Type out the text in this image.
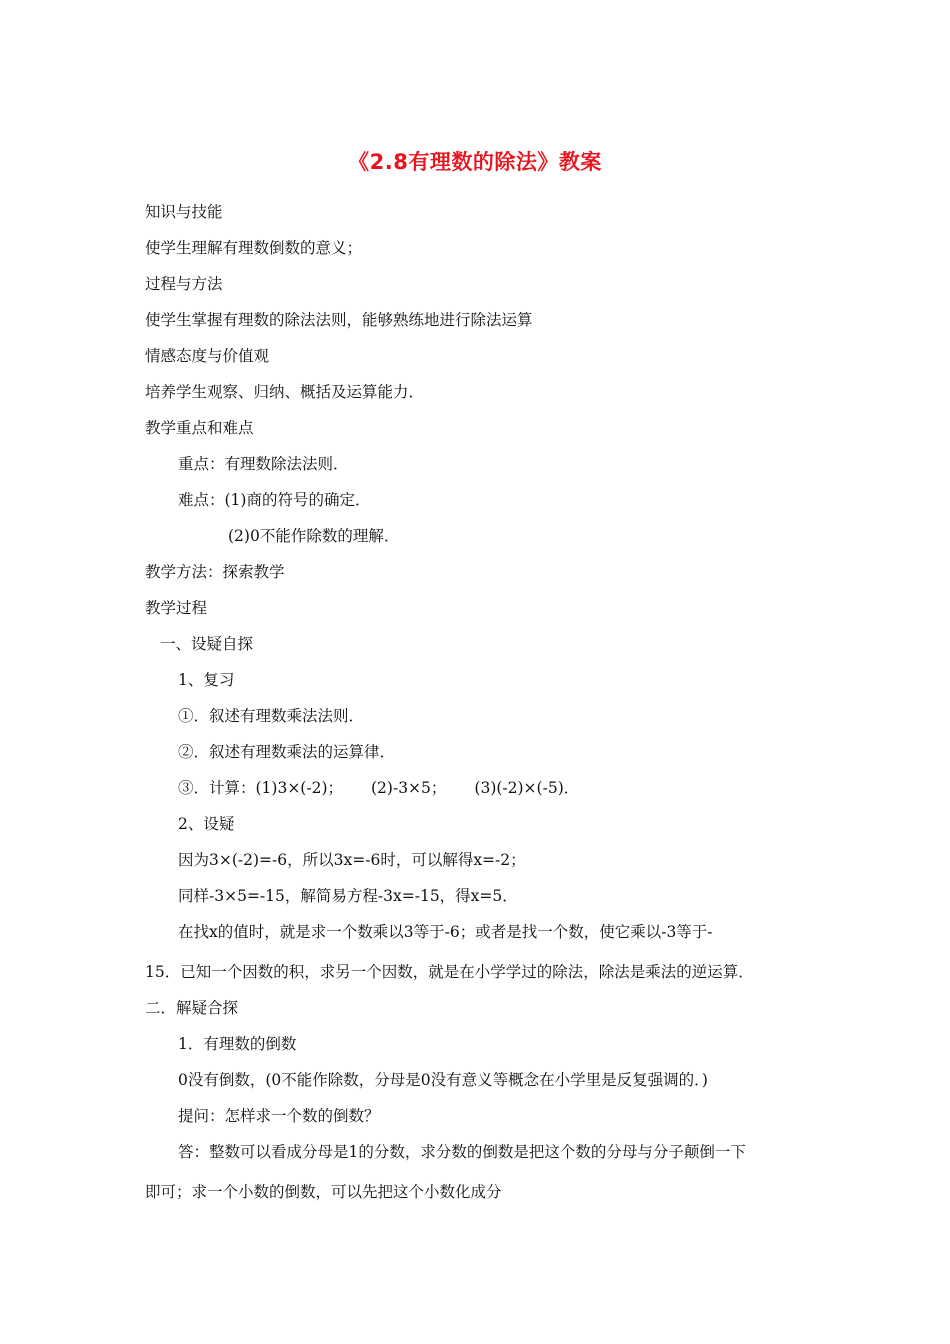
《2.8有理数的除法》教案
知识与技能
使学生理解有理数倒数的意义；
过程与方法
使学生掌握有理数的除法法则，能够熟练地进行除法运算
情感态度与价值观
培养学生观察、归纳、概括及运算能力．
教学重点和难点
重点：有理数除法法则．
难点：(1)商的符号的确定．
(2)0不能作除数的理解．
教学方法：探索教学
教学过程
一、设疑自探
1、复习
①．叙述有理数乘法法则．
②．叙述有理数乘法的运算律．
③．计算：(1)3×(-2)； (2)-3×5； (3)(-2)×(-5)．
2、设疑
因为3×(-2)=-6，所以3x=-6时，可以解得x=-2；
同样-3×5=-15，解简易方程-3x=-15，得x=5．
在找x的值时，就是求一个数乘以3等于-6；或者是找一个数，使它乘以-3等于-
15．已知一个因数的积，求另一个因数，就是在小学学过的除法，除法是乘法的逆运算．
二．解疑合探
1．有理数的倒数
0没有倒数，(0不能作除数，分母是0没有意义等概念在小学里是反复强调的．)
提问：怎样求一个数的倒数？
答：整数可以看成分母是1的分数，求分数的倒数是把这个数的分母与分子颠倒一下
即可；求一个小数的倒数，可以先把这个小数化成分
